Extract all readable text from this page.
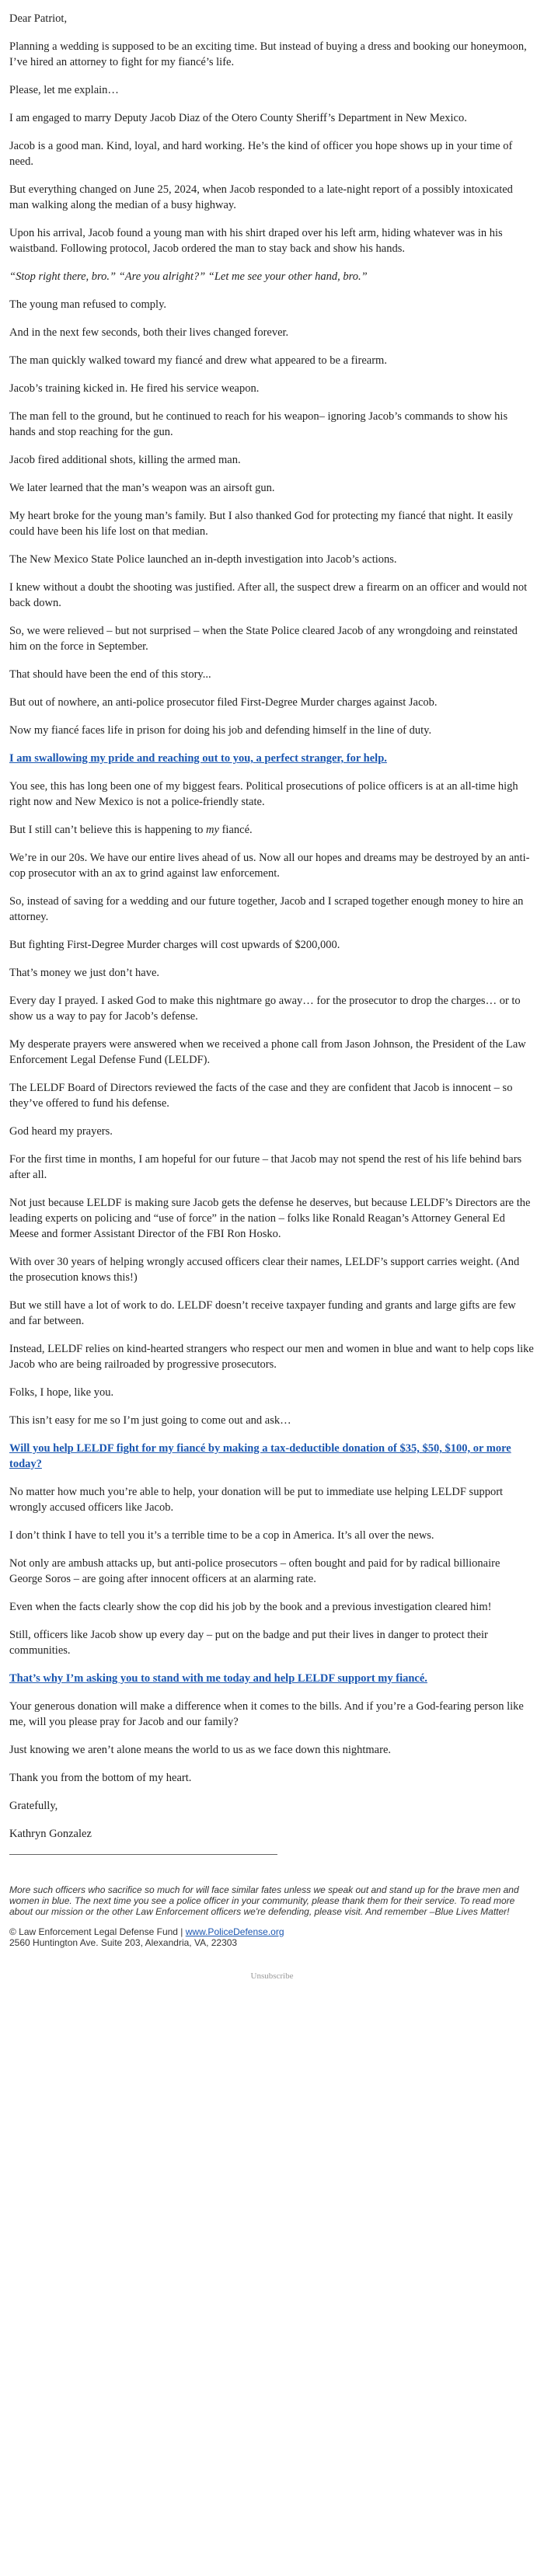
Dear Patriot,

Planning a wedding is supposed to be an exciting time. But instead of buying a dress and booking our honeymoon, I’ve hired an attorney to fight for my fiancé’s life.

Please, let me explain…

I am engaged to marry Deputy Jacob Diaz of the Otero County Sheriff’s Department in New Mexico.

Jacob is a good man. Kind, loyal, and hard working. He’s the kind of officer you hope shows up in your time of need.

But everything changed on June 25, 2024, when Jacob responded to a late-night report of a possibly intoxicated man walking along the median of a busy highway.

Upon his arrival, Jacob found a young man with his shirt draped over his left arm, hiding whatever was in his waistband. Following protocol, Jacob ordered the man to stay back and show his hands.

“Stop right there, bro.” “Are you alright?” “Let me see your other hand, bro.”

The young man refused to comply.

And in the next few seconds, both their lives changed forever.

The man quickly walked toward my fiancé and drew what appeared to be a firearm.

Jacob’s training kicked in. He fired his service weapon.

The man fell to the ground, but he continued to reach for his weapon– ignoring Jacob’s commands to show his hands and stop reaching for the gun.

Jacob fired additional shots, killing the armed man.

We later learned that the man’s weapon was an airsoft gun.

My heart broke for the young man’s family. But I also thanked God for protecting my fiancé that night. It easily could have been his life lost on that median.

The New Mexico State Police launched an in-depth investigation into Jacob’s actions.

I knew without a doubt the shooting was justified. After all, the suspect drew a firearm on an officer and would not back down.

So, we were relieved – but not surprised – when the State Police cleared Jacob of any wrongdoing and reinstated him on the force in September.

That should have been the end of this story...

But out of nowhere, an anti-police prosecutor filed First-Degree Murder charges against Jacob.

Now my fiancé faces life in prison for doing his job and defending himself in the line of duty.

I am swallowing my pride and reaching out to you, a perfect stranger, for help.

You see, this has long been one of my biggest fears. Political prosecutions of police officers is at an all-time high right now and New Mexico is not a police-friendly state.

But I still can’t believe this is happening to my fiancé.

We’re in our 20s. We have our entire lives ahead of us. Now all our hopes and dreams may be destroyed by an anti-cop prosecutor with an ax to grind against law enforcement.

So, instead of saving for a wedding and our future together, Jacob and I scraped together enough money to hire an attorney.

But fighting First-Degree Murder charges will cost upwards of $200,000.

That’s money we just don’t have.

Every day I prayed. I asked God to make this nightmare go away… for the prosecutor to drop the charges… or to show us a way to pay for Jacob’s defense.

My desperate prayers were answered when we received a phone call from Jason Johnson, the President of the Law Enforcement Legal Defense Fund (LELDF).

The LELDF Board of Directors reviewed the facts of the case and they are confident that Jacob is innocent – so they’ve offered to fund his defense.

God heard my prayers.

For the first time in months, I am hopeful for our future – that Jacob may not spend the rest of his life behind bars after all.

Not just because LELDF is making sure Jacob gets the defense he deserves, but because LELDF’s Directors are the leading experts on policing and “use of force” in the nation – folks like Ronald Reagan’s Attorney General Ed Meese and former Assistant Director of the FBI Ron Hosko.

With over 30 years of helping wrongly accused officers clear their names, LELDF’s support carries weight. (And the prosecution knows this!)

But we still have a lot of work to do. LELDF doesn’t receive taxpayer funding and grants and large gifts are few and far between.

Instead, LELDF relies on kind-hearted strangers who respect our men and women in blue and want to help cops like Jacob who are being railroaded by progressive prosecutors.

Folks, I hope, like you.

This isn’t easy for me so I’m just going to come out and ask…

Will you help LELDF fight for my fiancé by making a tax-deductible donation of $35, $50, $100, or more today?

No matter how much you’re able to help, your donation will be put to immediate use helping LELDF support wrongly accused officers like Jacob.

I don’t think I have to tell you it’s a terrible time to be a cop in America. It’s all over the news.

Not only are ambush attacks up, but anti-police prosecutors – often bought and paid for by radical billionaire George Soros – are going after innocent officers at an alarming rate.

Even when the facts clearly show the cop did his job by the book and a previous investigation cleared him!

Still, officers like Jacob show up every day – put on the badge and put their lives in danger to protect their communities.

That’s why I’m asking you to stand with me today and help LELDF support my fiancé.

Your generous donation will make a difference when it comes to the bills. And if you’re a God-fearing person like me, will you please pray for Jacob and our family?

Just knowing we aren’t alone means the world to us as we face down this nightmare.

Thank you from the bottom of my heart.

Gratefully,

Kathryn Gonzalez

More such officers who sacrifice so much for will face similar fates unless we speak out and stand up for the brave men and women in blue. The next time you see a police officer in your community, please thank them for their service. To read more about our mission or the other Law Enforcement officers we're defending, please visit. And remember –Blue Lives Matter!

© Law Enforcement Legal Defense Fund | www.PoliceDefense.org

2560 Huntington Ave. Suite 203, Alexandria, VA, 22303

Unsubscribe
